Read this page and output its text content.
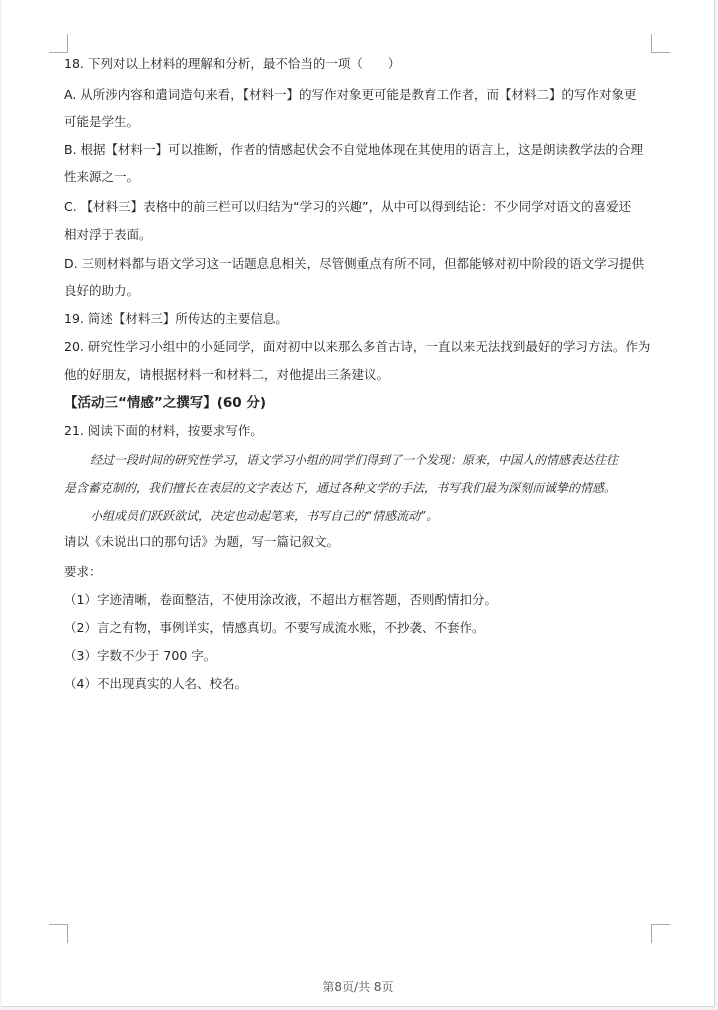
18. 下列对以上材料的理解和分析，最不恰当的一项（　　）
A. 从所涉内容和遣词造句来看，【材料一】的写作对象更可能是教育工作者，而【材料二】的写作对象更
可能是学生。
B. 根据【材料一】可以推断，作者的情感起伏会不自觉地体现在其使用的语言上，这是朗读教学法的合理
性来源之一。
C. 【材料三】表格中的前三栏可以归结为“学习的兴趣”，从中可以得到结论：不少同学对语文的喜爱还
相对浮于表面。
D. 三则材料都与语文学习这一话题息息相关，尽管侧重点有所不同，但都能够对初中阶段的语文学习提供
良好的助力。
19. 简述【材料三】所传达的主要信息。
20. 研究性学习小组中的小延同学，面对初中以来那么多首古诗，一直以来无法找到最好的学习方法。作为
他的好朋友，请根据材料一和材料二，对他提出三条建议。
【活动三“情感”之撰写】(60 分)
21. 阅读下面的材料，按要求写作。
经过一段时间的研究性学习，语文学习小组的同学们得到了一个发现：原来，中国人的情感表达往往
是含蓄克制的，我们擅长在表层的文字表达下，通过各种文学的手法，书写我们最为深刻而诚挚的情感。
小组成员们跃跃欲试，决定也动起笔来，书写自己的“情感流动”。
请以《未说出口的那句话》为题，写一篇记叙文。
要求：
（1）字迹清晰，卷面整洁，不使用涂改液，不超出方框答题，否则酌情扣分。
（2）言之有物，事例详实，情感真切。不要写成流水账，不抄袭、不套作。
（3）字数不少于 700 字。
（4）不出现真实的人名、校名。
第8页/共 8页
